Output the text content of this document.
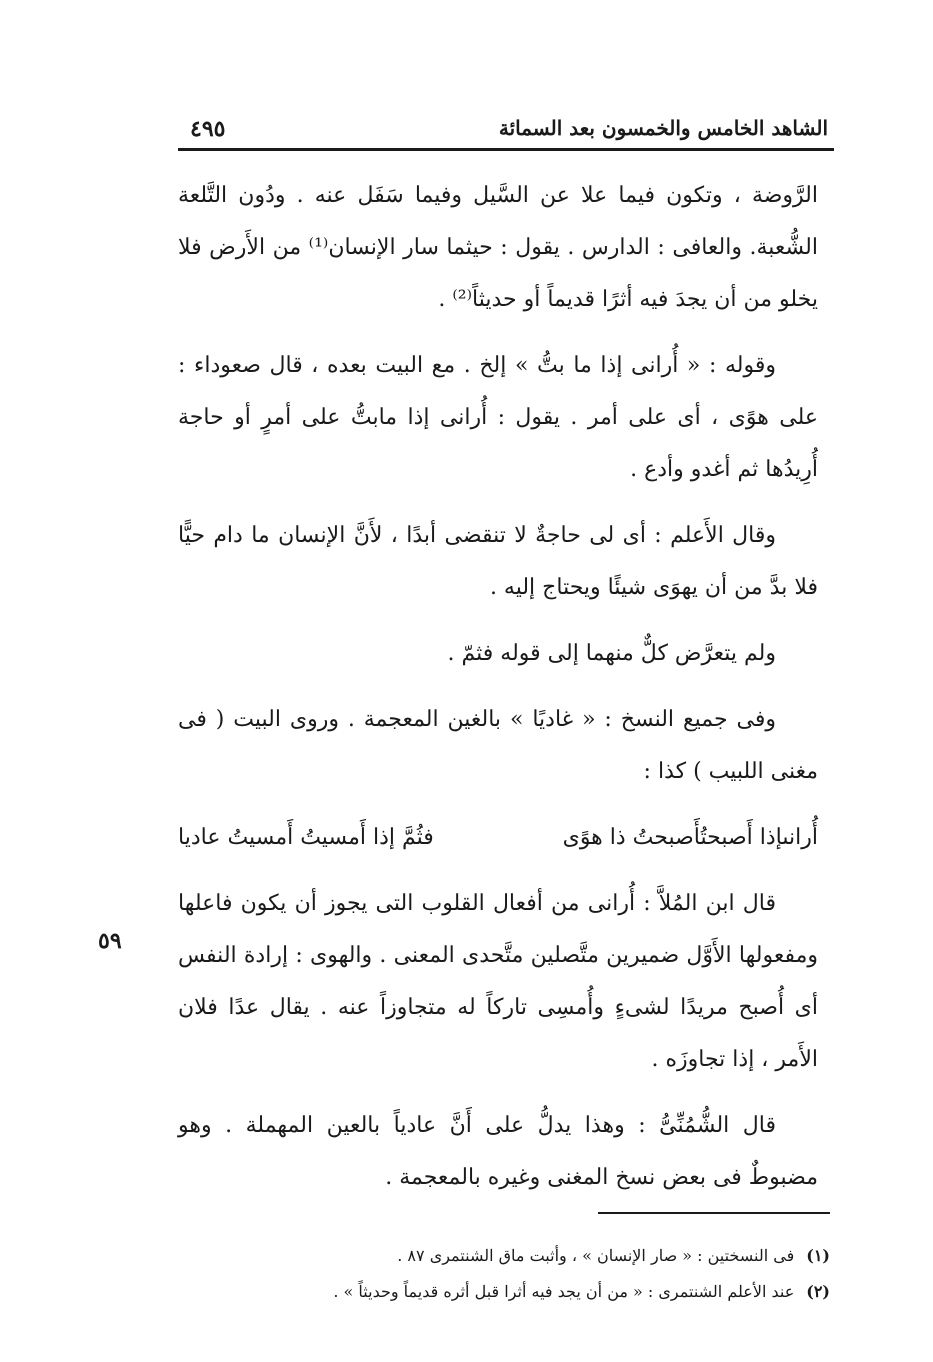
الشاهد الخامس والخمسون بعد السمائة
٤٩٥
٥٩

الرَّوضة ، وتكون فيما علا عن السَّيل وفيما سَفَل عنه . ودُون التَّلعة الشُّعبة. والعافى : الدارس . يقول : حيثما سار الإنسان⁽¹⁾ من الأَرض فلا يخلو من أن يجدَ فيه أثرًا قديماً أو حديثاً⁽²⁾ .

وقوله : « أُرانى إذا ما بتُّ » إلخ . مع البيت بعده ، قال صعوداء : على هوًى ، أى على أمر . يقول : أُرانى إذا مابتُّ على أمرٍ أو حاجة أُرِيدُها ثم أغدو وأدع .

وقال الأَعلم : أى لى حاجةٌ لا تنقضى أبدًا ، لأَنَّ الإنسان ما دام حيًّا فلا بدَّ من أن يهوَى شيئًا ويحتاج إليه .

ولم يتعرَّض كلٌّ منهما إلى قوله فثمّ .

وفى جميع النسخ : « غاديًا » بالغين المعجمة . وروى البيت ( فى مغنى اللبيب ) كذا :

أُرانىإذا أَصبحتُأَصبحتُ ذا هوًى
فثُمَّ إذا أَمسيتُ أَمسيتُ عاديا

قال ابن المُلاَّ : أُرانى من أفعال القلوب التى يجوز أن يكون فاعلها ومفعولها الأَوَّل ضميرين متَّصلين متَّحدى المعنى . والهوى : إرادة النفس أى أُصبح مريدًا لشىءٍ وأُمسِى تاركاً له متجاوزاً عنه . يقال عدًا فلان الأَمر ، إذا تجاوزَه .

قال الشُّمُنِّىُّ : وهذا يدلُّ على أَنَّ عادياً بالعين المهملة . وهو مضبوطٌ فى بعض نسخ المغنى وغيره بالمعجمة .

(١)
فى النسختين : « صار الإنسان » ، وأثبت ماق الشنتمرى ٨٧ .
(٢)
عند الأعلم الشنتمرى : « من أن يجد فيه أثرا قبل أثره قديماً وحديثاً » .
